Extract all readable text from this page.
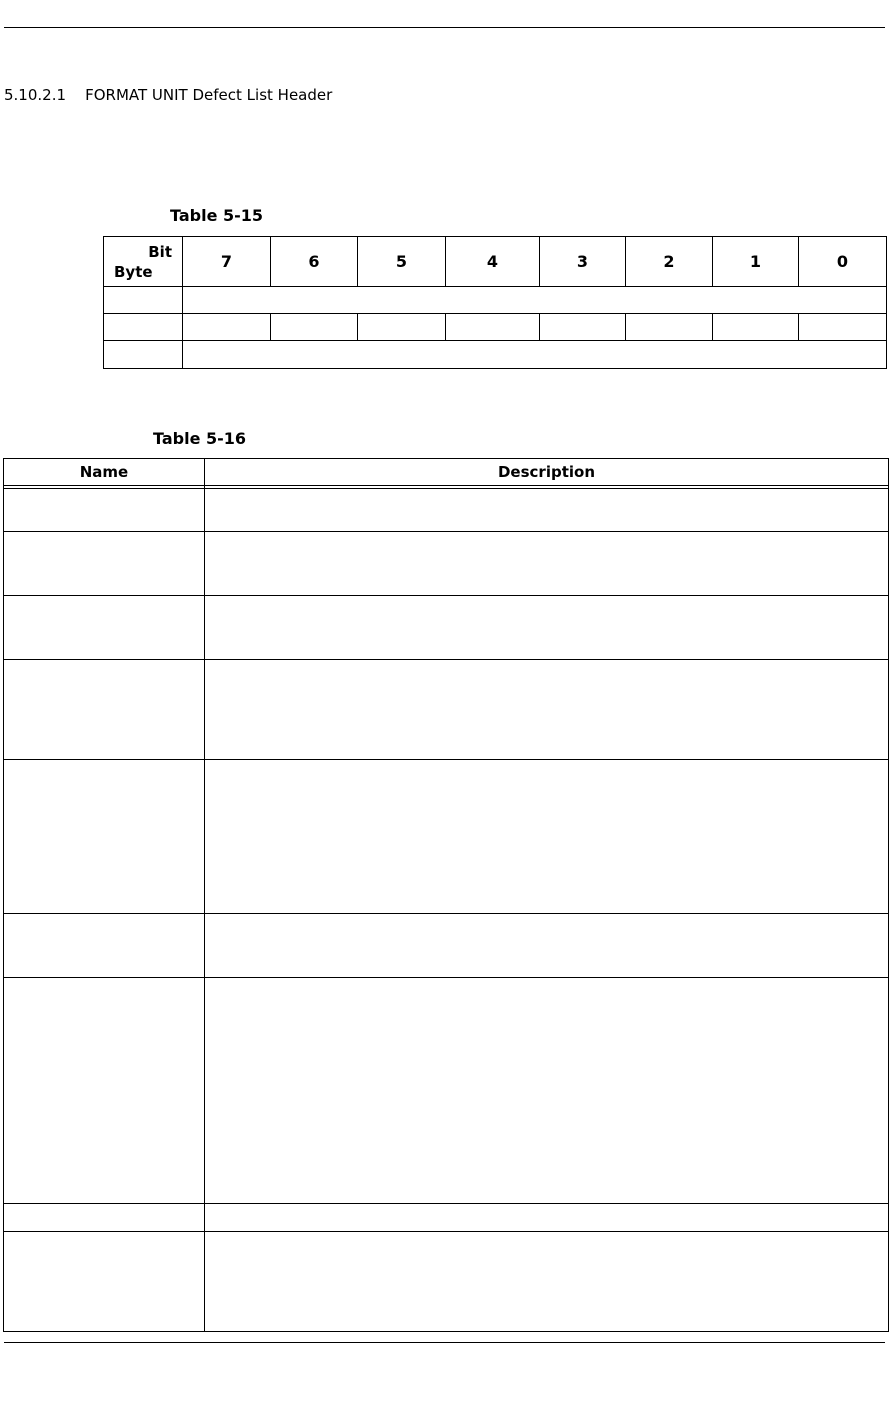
5.10.2.1 FORMAT UNIT Defect List Header
Table 5-15
Bit
Byte	7	6	5	4	3	2	1	0

Table 5-16
Name	Description
